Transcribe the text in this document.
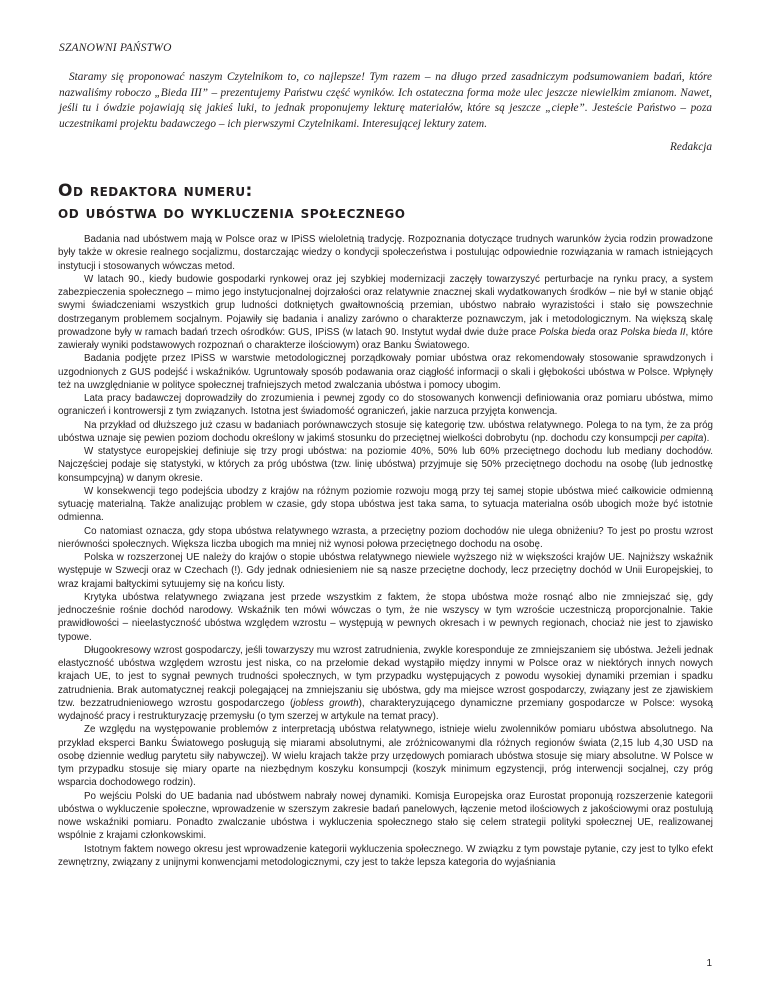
SZANOWNI PAŃSTWO

Staramy się proponować naszym Czytelnikom to, co najlepsze! Tym razem – na długo przed zasadniczym podsumowaniem badań, które nazwaliśmy roboczo „Bieda III” – prezentujemy Państwu część wyników. Ich ostateczna forma może ulec jeszcze niewielkim zmianom. Nawet, jeśli tu i ówdzie pojawiają się jakieś luki, to jednak proponujemy lekturę materiałów, które są jeszcze „ciepłe”. Jesteście Państwo – poza uczestnikami projektu badawczego – ich pierwszymi Czytelnikami. Interesującej lektury zatem.

Redakcja
Od redaktora numeru:
od ubóstwa do wykluczenia społecznego

Badania nad ubóstwem mają w Polsce oraz w IPiSS wieloletnią tradycję. Rozpoznania dotyczące trudnych warunków życia rodzin prowadzone były także w okresie realnego socjalizmu, dostarczając wiedzy o kondycji społeczeństwa i postulując odpowiednie rozwiązania w ramach istniejących instytucji i stosowanych wówczas metod.

W latach 90., kiedy budowie gospodarki rynkowej oraz jej szybkiej modernizacji zaczęły towarzyszyć perturbacje na rynku pracy, a system zabezpieczenia społecznego – mimo jego instytucjonalnej dojrzałości oraz relatywnie znacznej skali wydatkowanych środków – nie był w stanie objąć swymi świadczeniami wszystkich grup ludności dotkniętych gwałtownością przemian, ubóstwo nabrało wyrazistości i stało się powszechnie dostrzeganym problemem socjalnym. Pojawiły się badania i analizy zarówno o charakterze poznawczym, jak i metodologicznym. Na większą skalę prowadzone były w ramach badań trzech ośrodków: GUS, IPiSS (w latach 90. Instytut wydał dwie duże prace Polska bieda oraz Polska bieda II, które zawierały wyniki podstawowych rozpoznań o charakterze ilościowym) oraz Banku Światowego.

Badania podjęte przez IPiSS w warstwie metodologicznej porządkowały pomiar ubóstwa oraz rekomendowały stosowanie sprawdzonych i uzgodnionych z GUS podejść i wskaźników. Ugruntowały sposób podawania oraz ciągłość informacji o skali i głębokości ubóstwa w Polsce. Wpłynęły też na uwzględnianie w polityce społecznej trafniejszych metod zwalczania ubóstwa i pomocy ubogim.

Lata pracy badawczej doprowadziły do zrozumienia i pewnej zgody co do stosowanych konwencji definiowania oraz pomiaru ubóstwa, mimo ograniczeń i kontrowersji z tym związanych. Istotna jest świadomość ograniczeń, jakie narzuca przyjęta konwencja.

Na przykład od dłuższego już czasu w badaniach porównawczych stosuje się kategorię tzw. ubóstwa relatywnego. Polega to na tym, że za próg ubóstwa uznaje się pewien poziom dochodu określony w jakimś stosunku do przeciętnej wielkości dobrobytu (np. dochodu czy konsumpcji per capita).

W statystyce europejskiej definiuje się trzy progi ubóstwa: na poziomie 40%, 50% lub 60% przeciętnego dochodu lub mediany dochodów. Najczęściej podaje się statystyki, w których za próg ubóstwa (tzw. linię ubóstwa) przyjmuje się 50% przeciętnego dochodu na osobę (lub jednostkę konsumpcyjną) w danym okresie.

W konsekwencji tego podejścia ubodzy z krajów na różnym poziomie rozwoju mogą przy tej samej stopie ubóstwa mieć całkowicie odmienną sytuację materialną. Także analizując problem w czasie, gdy stopa ubóstwa jest taka sama, to sytuacja materialna osób ubogich może być istotnie odmienna.

Co natomiast oznacza, gdy stopa ubóstwa relatywnego wzrasta, a przeciętny poziom dochodów nie ulega obniżeniu? To jest po prostu wzrost nierówności społecznych. Większa liczba ubogich ma mniej niż wynosi połowa przeciętnego dochodu na osobę.

Polska w rozszerzonej UE należy do krajów o stopie ubóstwa relatywnego niewiele wyższego niż w większości krajów UE. Najniższy wskaźnik występuje w Szwecji oraz w Czechach (!). Gdy jednak odniesieniem nie są nasze przeciętne dochody, lecz przeciętny dochód w Unii Europejskiej, to wraz krajami bałtyckimi sytuujemy się na końcu listy.

Krytyka ubóstwa relatywnego związana jest przede wszystkim z faktem, że stopa ubóstwa może rosnąć albo nie zmniejszać się, gdy jednocześnie rośnie dochód narodowy. Wskaźnik ten mówi wówczas o tym, że nie wszyscy w tym wzroście uczestniczą proporcjonalnie. Takie prawidłowości – nieelastyczność ubóstwa względem wzrostu – występują w pewnych okresach i w pewnych regionach, chociaż nie jest to zjawisko typowe.

Długookresowy wzrost gospodarczy, jeśli towarzyszy mu wzrost zatrudnienia, zwykle koresponduje ze zmniejszaniem się ubóstwa. Jeżeli jednak elastyczność ubóstwa względem wzrostu jest niska, co na przełomie dekad wystąpiło między innymi w Polsce oraz w niektórych innych nowych krajach UE, to jest to sygnał pewnych trudności społecznych, w tym przypadku występujących z powodu wysokiej dynamiki przemian i spadku zatrudnienia. Brak automatycznej reakcji polegającej na zmniejszaniu się ubóstwa, gdy ma miejsce wzrost gospodarczy, związany jest ze zjawiskiem tzw. bezzatrudnieniowego wzrostu gospodarczego (jobless growth), charakteryzującego dynamiczne przemiany gospodarcze w Polsce: wysoką wydajność pracy i restrukturyzację przemysłu (o tym szerzej w artykule na temat pracy).

Ze względu na występowanie problemów z interpretacją ubóstwa relatywnego, istnieje wielu zwolenników pomiaru ubóstwa absolutnego. Na przykład eksperci Banku Światowego posługują się miarami absolutnymi, ale zróżnicowanymi dla różnych regionów świata (2,15 lub 4,30 USD na osobę dziennie według parytetu siły nabywczej). W wielu krajach także przy urzędowych pomiarach ubóstwa stosuje się miary absolutne. W Polsce w tym przypadku stosuje się miary oparte na niezbędnym koszyku konsumpcji (koszyk minimum egzystencji, próg interwencji socjalnej, czy próg wsparcia dochodowego rodzin).

Po wejściu Polski do UE badania nad ubóstwem nabrały nowej dynamiki. Komisja Europejska oraz Eurostat proponują rozszerzenie kategorii ubóstwa o wykluczenie społeczne, wprowadzenie w szerszym zakresie badań panelowych, łączenie metod ilościowych z jakościowymi oraz postulują nowe wskaźniki pomiaru. Ponadto zwalczanie ubóstwa i wykluczenia społecznego stało się celem strategii polityki społecznej UE, realizowanej wspólnie z krajami członkowskimi.

Istotnym faktem nowego okresu jest wprowadzenie kategorii wykluczenia społecznego. W związku z tym powstaje pytanie, czy jest to tylko efekt zewnętrzny, związany z unijnymi konwencjami metodologicznymi, czy jest to także lepsza kategoria do wyjaśniania

1
